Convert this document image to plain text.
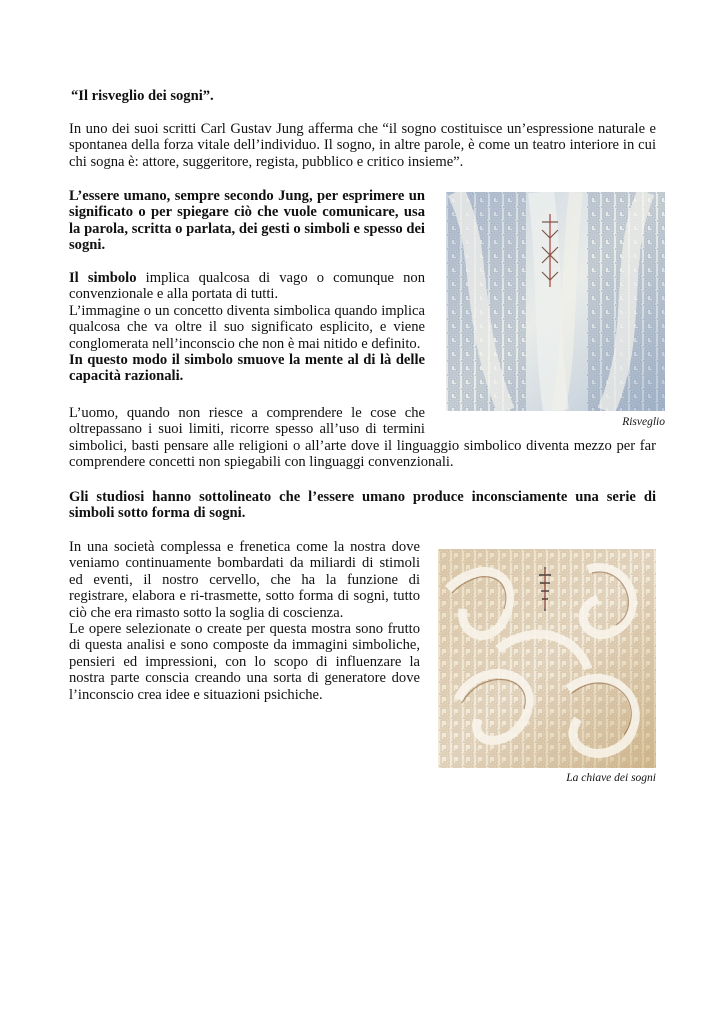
“Il risveglio dei sogni”.
In uno dei suoi scritti Carl Gustav Jung afferma che “il sogno costituisce un’espressione naturale e
spontanea della forza vitale dell’individuo. Il sogno, in altre parole, è come un teatro interiore in cui
chi sogna è: attore, suggeritore, regista, pubblico e critico insieme”.
L’essere umano, sempre secondo Jung, per esprimere un
significato o per spiegare ciò che vuole comunicare, usa
la parola, scritta o parlata, dei gesti o simboli e spesso dei
sogni.
Il simbolo implica qualcosa di vago o comunque non
convenzionale e alla portata di tutti.
L’immagine o un concetto diventa simbolica quando implica
qualcosa che va oltre il suo significato esplicito, e viene
conglomerata nell’inconscio che non è mai nitido e definito.
In questo modo il simbolo smuove la mente al di là delle
capacità razionali.
L’uomo, quando non riesce a comprendere le cose che
oltrepassano i suoi limiti, ricorre spesso all’uso di termini
simbolici, basti pensare alle religioni o all’arte dove il linguaggio simbolico diventa mezzo per far
comprendere concetti non spiegabili con linguaggi convenzionali.
Gli studiosi hanno sottolineato che l’essere umano produce inconsciamente una serie di
simboli sotto forma di sogni.
In una società complessa e frenetica come la nostra dove
veniamo continuamente bombardati da miliardi di stimoli
ed eventi, il nostro cervello, che ha la funzione di
registrare, elabora e ri-trasmette, sotto forma di sogni, tutto
ciò che era rimasto sotto la soglia di coscienza.
Le opere selezionate o create per questa mostra sono frutto
di questa analisi e sono composte da immagini simboliche,
pensieri ed impressioni, con lo scopo di influenzare la
nostra parte conscia creando una sorta di generatore dove
l’inconscio crea idee e situazioni psichiche.
Risveglio
La chiave dei sogni
